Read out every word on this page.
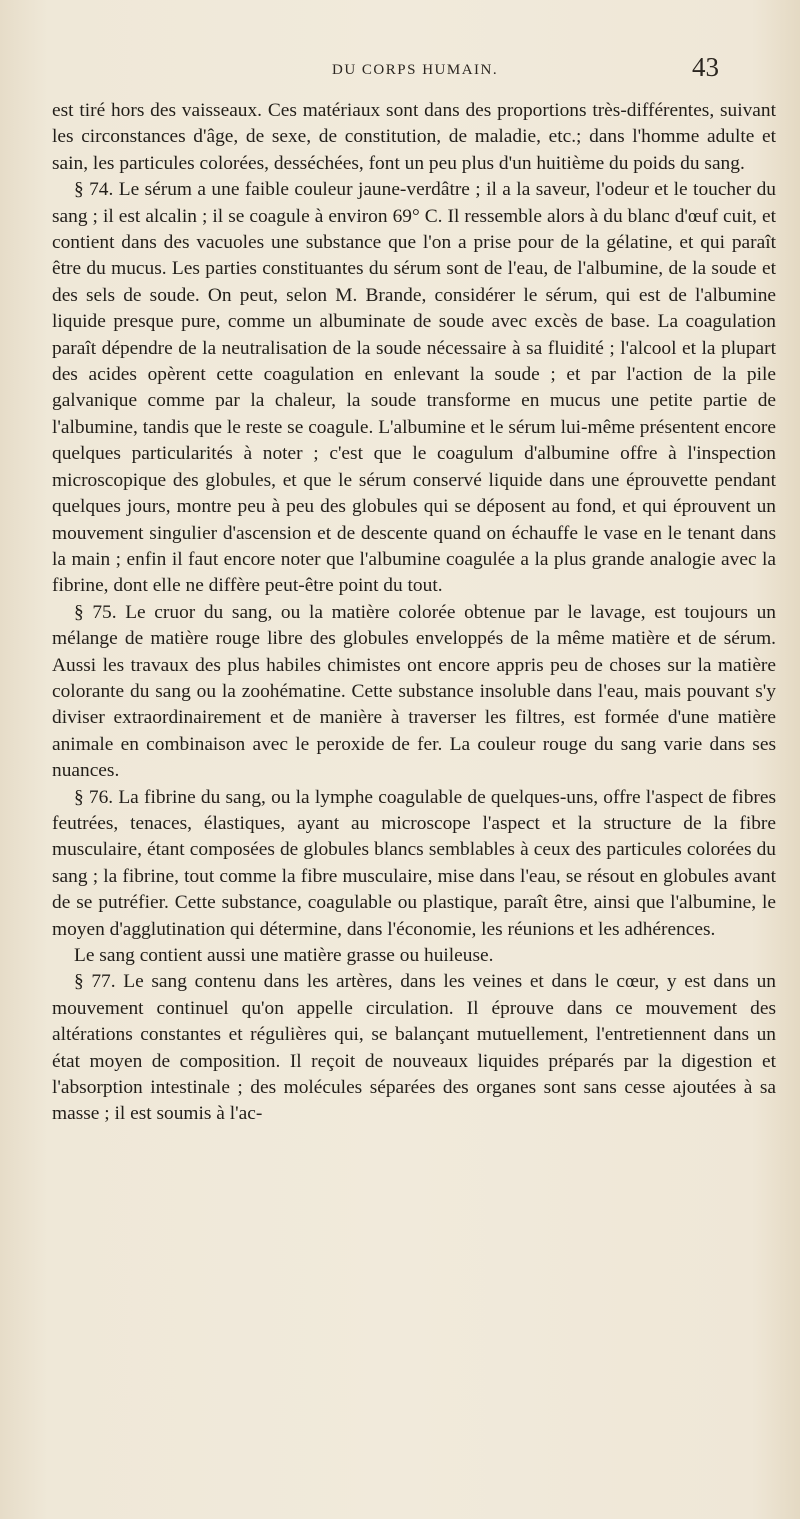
DU CORPS HUMAIN.	43

est tiré hors des vaisseaux. Ces matériaux sont dans des proportions très-différentes, suivant les circonstances d'âge, de sexe, de constitution, de maladie, etc.; dans l'homme adulte et sain, les particules colorées, desséchées, font un peu plus d'un huitième du poids du sang.

§ 74. Le sérum a une faible couleur jaune-verdâtre ; il a la saveur, l'odeur et le toucher du sang ; il est alcalin ; il se coagule à environ 69° C. Il ressemble alors à du blanc d'œuf cuit, et contient dans des vacuoles une substance que l'on a prise pour de la gélatine, et qui paraît être du mucus. Les parties constituantes du sérum sont de l'eau, de l'albumine, de la soude et des sels de soude. On peut, selon M. Brande, considérer le sérum, qui est de l'albumine liquide presque pure, comme un albuminate de soude avec excès de base. La coagulation paraît dépendre de la neutralisation de la soude nécessaire à sa fluidité ; l'alcool et la plupart des acides opèrent cette coagulation en enlevant la soude ; et par l'action de la pile galvanique comme par la chaleur, la soude transforme en mucus une petite partie de l'albumine, tandis que le reste se coagule. L'albumine et le sérum lui-même présentent encore quelques particularités à noter ; c'est que le coagulum d'albumine offre à l'inspection microscopique des globules, et que le sérum conservé liquide dans une éprouvette pendant quelques jours, montre peu à peu des globules qui se déposent au fond, et qui éprouvent un mouvement singulier d'ascension et de descente quand on échauffe le vase en le tenant dans la main ; enfin il faut encore noter que l'albumine coagulée a la plus grande analogie avec la fibrine, dont elle ne diffère peut-être point du tout.

§ 75. Le cruor du sang, ou la matière colorée obtenue par le lavage, est toujours un mélange de matière rouge libre des globules enveloppés de la même matière et de sérum. Aussi les travaux des plus habiles chimistes ont encore appris peu de choses sur la matière colorante du sang ou la zoohématine. Cette substance insoluble dans l'eau, mais pouvant s'y diviser extraordinairement et de manière à traverser les filtres, est formée d'une matière animale en combinaison avec le peroxide de fer. La couleur rouge du sang varie dans ses nuances.

§ 76. La fibrine du sang, ou la lymphe coagulable de quelques-uns, offre l'aspect de fibres feutrées, tenaces, élastiques, ayant au microscope l'aspect et la structure de la fibre musculaire, étant composées de globules blancs semblables à ceux des particules colorées du sang ; la fibrine, tout comme la fibre musculaire, mise dans l'eau, se résout en globules avant de se putréfier. Cette substance, coagulable ou plastique, paraît être, ainsi que l'albumine, le moyen d'agglutination qui détermine, dans l'économie, les réunions et les adhérences.

Le sang contient aussi une matière grasse ou huileuse.

§ 77. Le sang contenu dans les artères, dans les veines et dans le cœur, y est dans un mouvement continuel qu'on appelle circulation. Il éprouve dans ce mouvement des altérations constantes et régulières qui, se balançant mutuellement, l'entretiennent dans un état moyen de composition. Il reçoit de nouveaux liquides préparés par la digestion et l'absorption intestinale ; des molécules séparées des organes sont sans cesse ajoutées à sa masse ; il est soumis à l'ac-
